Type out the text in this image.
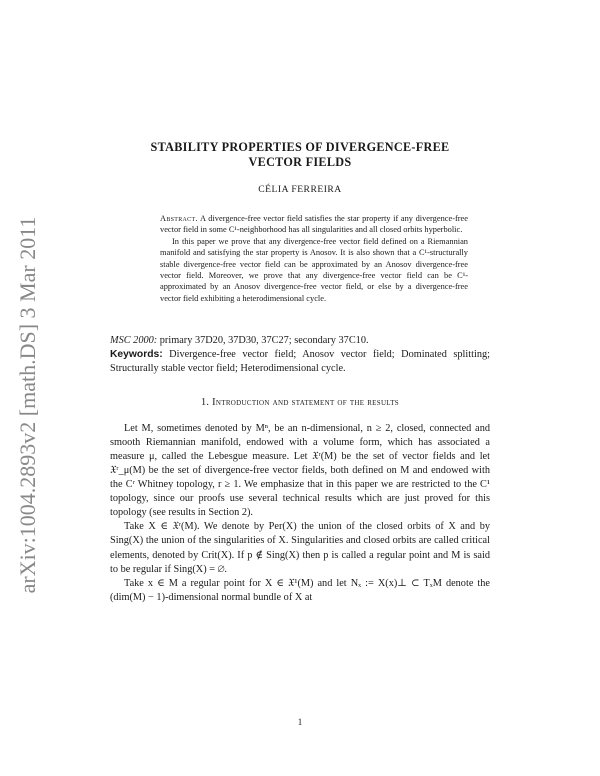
arXiv:1004.2893v2 [math.DS] 3 Mar 2011
STABILITY PROPERTIES OF DIVERGENCE-FREE
VECTOR FIELDS
CÉLIA FERREIRA

Abstract. A divergence-free vector field satisfies the star property if any divergence-free vector field in some C¹-neighborhood has all singularities and all closed orbits hyperbolic.

In this paper we prove that any divergence-free vector field defined on a Riemannian manifold and satisfying the star property is Anosov. It is also shown that a C¹-structurally stable divergence-free vector field can be approximated by an Anosov divergence-free vector field. Moreover, we prove that any divergence-free vector field can be C¹-approximated by an Anosov divergence-free vector field, or else by a divergence-free vector field exhibiting a heterodimensional cycle.

MSC 2000: primary 37D20, 37D30, 37C27; secondary 37C10.
Keywords: Divergence-free vector field; Anosov vector field; Dominated splitting; Structurally stable vector field; Heterodimensional cycle.
1. Introduction and statement of the results

Let M, sometimes denoted by Mⁿ, be an n-dimensional, n ≥ 2, closed, connected and smooth Riemannian manifold, endowed with a volume form, which has associated a measure μ, called the Lebesgue measure. Let 𝔛ʳ(M) be the set of vector fields and let 𝔛ʳ_μ(M) be the set of divergence-free vector fields, both defined on M and endowed with the Cʳ Whitney topology, r ≥ 1. We emphasize that in this paper we are restricted to the C¹ topology, since our proofs use several technical results which are just proved for this topology (see results in Section 2).

Take X ∈ 𝔛ʳ(M). We denote by Per(X) the union of the closed orbits of X and by Sing(X) the union of the singularities of X. Singularities and closed orbits are called critical elements, denoted by Crit(X). If p ∉ Sing(X) then p is called a regular point and M is said to be regular if Sing(X) = ∅.

Take x ∈ M a regular point for X ∈ 𝔛¹(M) and let Nₓ := X(x)⊥ ⊂ TₓM denote the (dim(M) − 1)-dimensional normal bundle of X at

1
